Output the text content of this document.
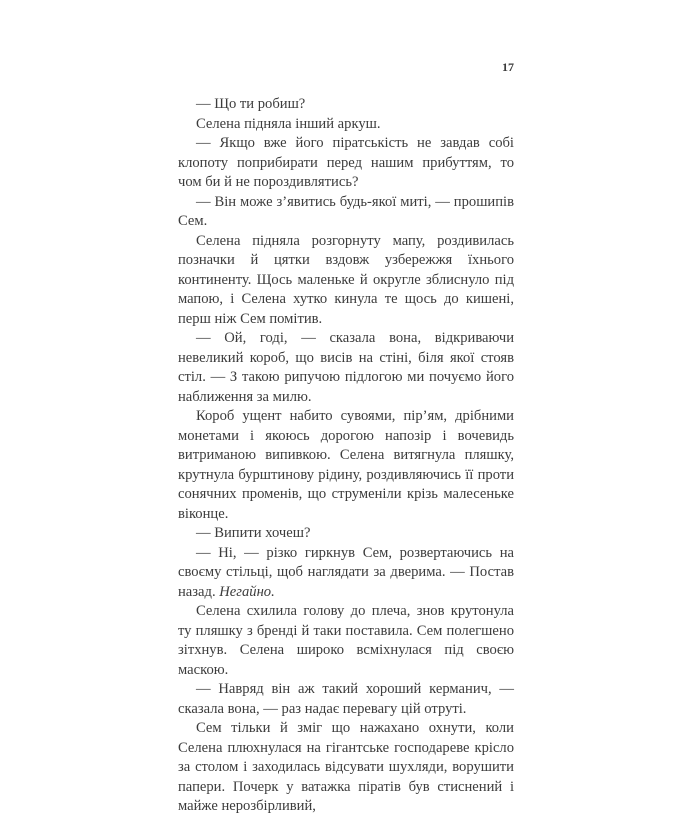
17

— Що ти робиш?

Селена підняла інший аркуш.

— Якщо вже його піратськість не завдав собі клопоту поприбирати перед нашим прибуттям, то чом би й не пороздивлятись?

— Він може з’явитись будь-якої миті, — прошипів Сем.

Селена підняла розгорнуту мапу, роздивилась позначки й цятки вздовж узбережжя їхнього континенту. Щось маленьке й округле зблиснуло під мапою, і Селена хутко кинула те щось до кишені, перш ніж Сем помітив.

— Ой, годі, — сказала вона, відкриваючи невеликий короб, що висів на стіні, біля якої стояв стіл. — З такою рипучою підлогою ми почуємо його наближення за милю.

Короб ущент набито сувоями, пір’ям, дрібними монетами і якоюсь дорогою напозір і вочевидь витриманою випивкою. Селена витягнула пляшку, крутнула бурштинову рідину, роздивляючись її проти сонячних променів, що струменіли крізь малесеньке віконце.

— Випити хочеш?

— Ні, — різко гиркнув Сем, розвертаючись на своєму стільці, щоб наглядати за дверима. — Постав назад. Негайно.

Селена схилила голову до плеча, знов крутонула ту пляшку з бренді й таки поставила. Сем полегшено зітхнув. Селена широко всміхнулася під своєю маскою.

— Навряд він аж такий хороший керманич, — сказала вона, — раз надає перевагу цій отруті.

Сем тільки й зміг що нажахано охнути, коли Селена плюхнулася на гігантське господареве крісло за столом і заходилась відсувати шухляди, ворушити папери. Почерк у ватажка піратів був стиснений і майже нерозбірливий,
